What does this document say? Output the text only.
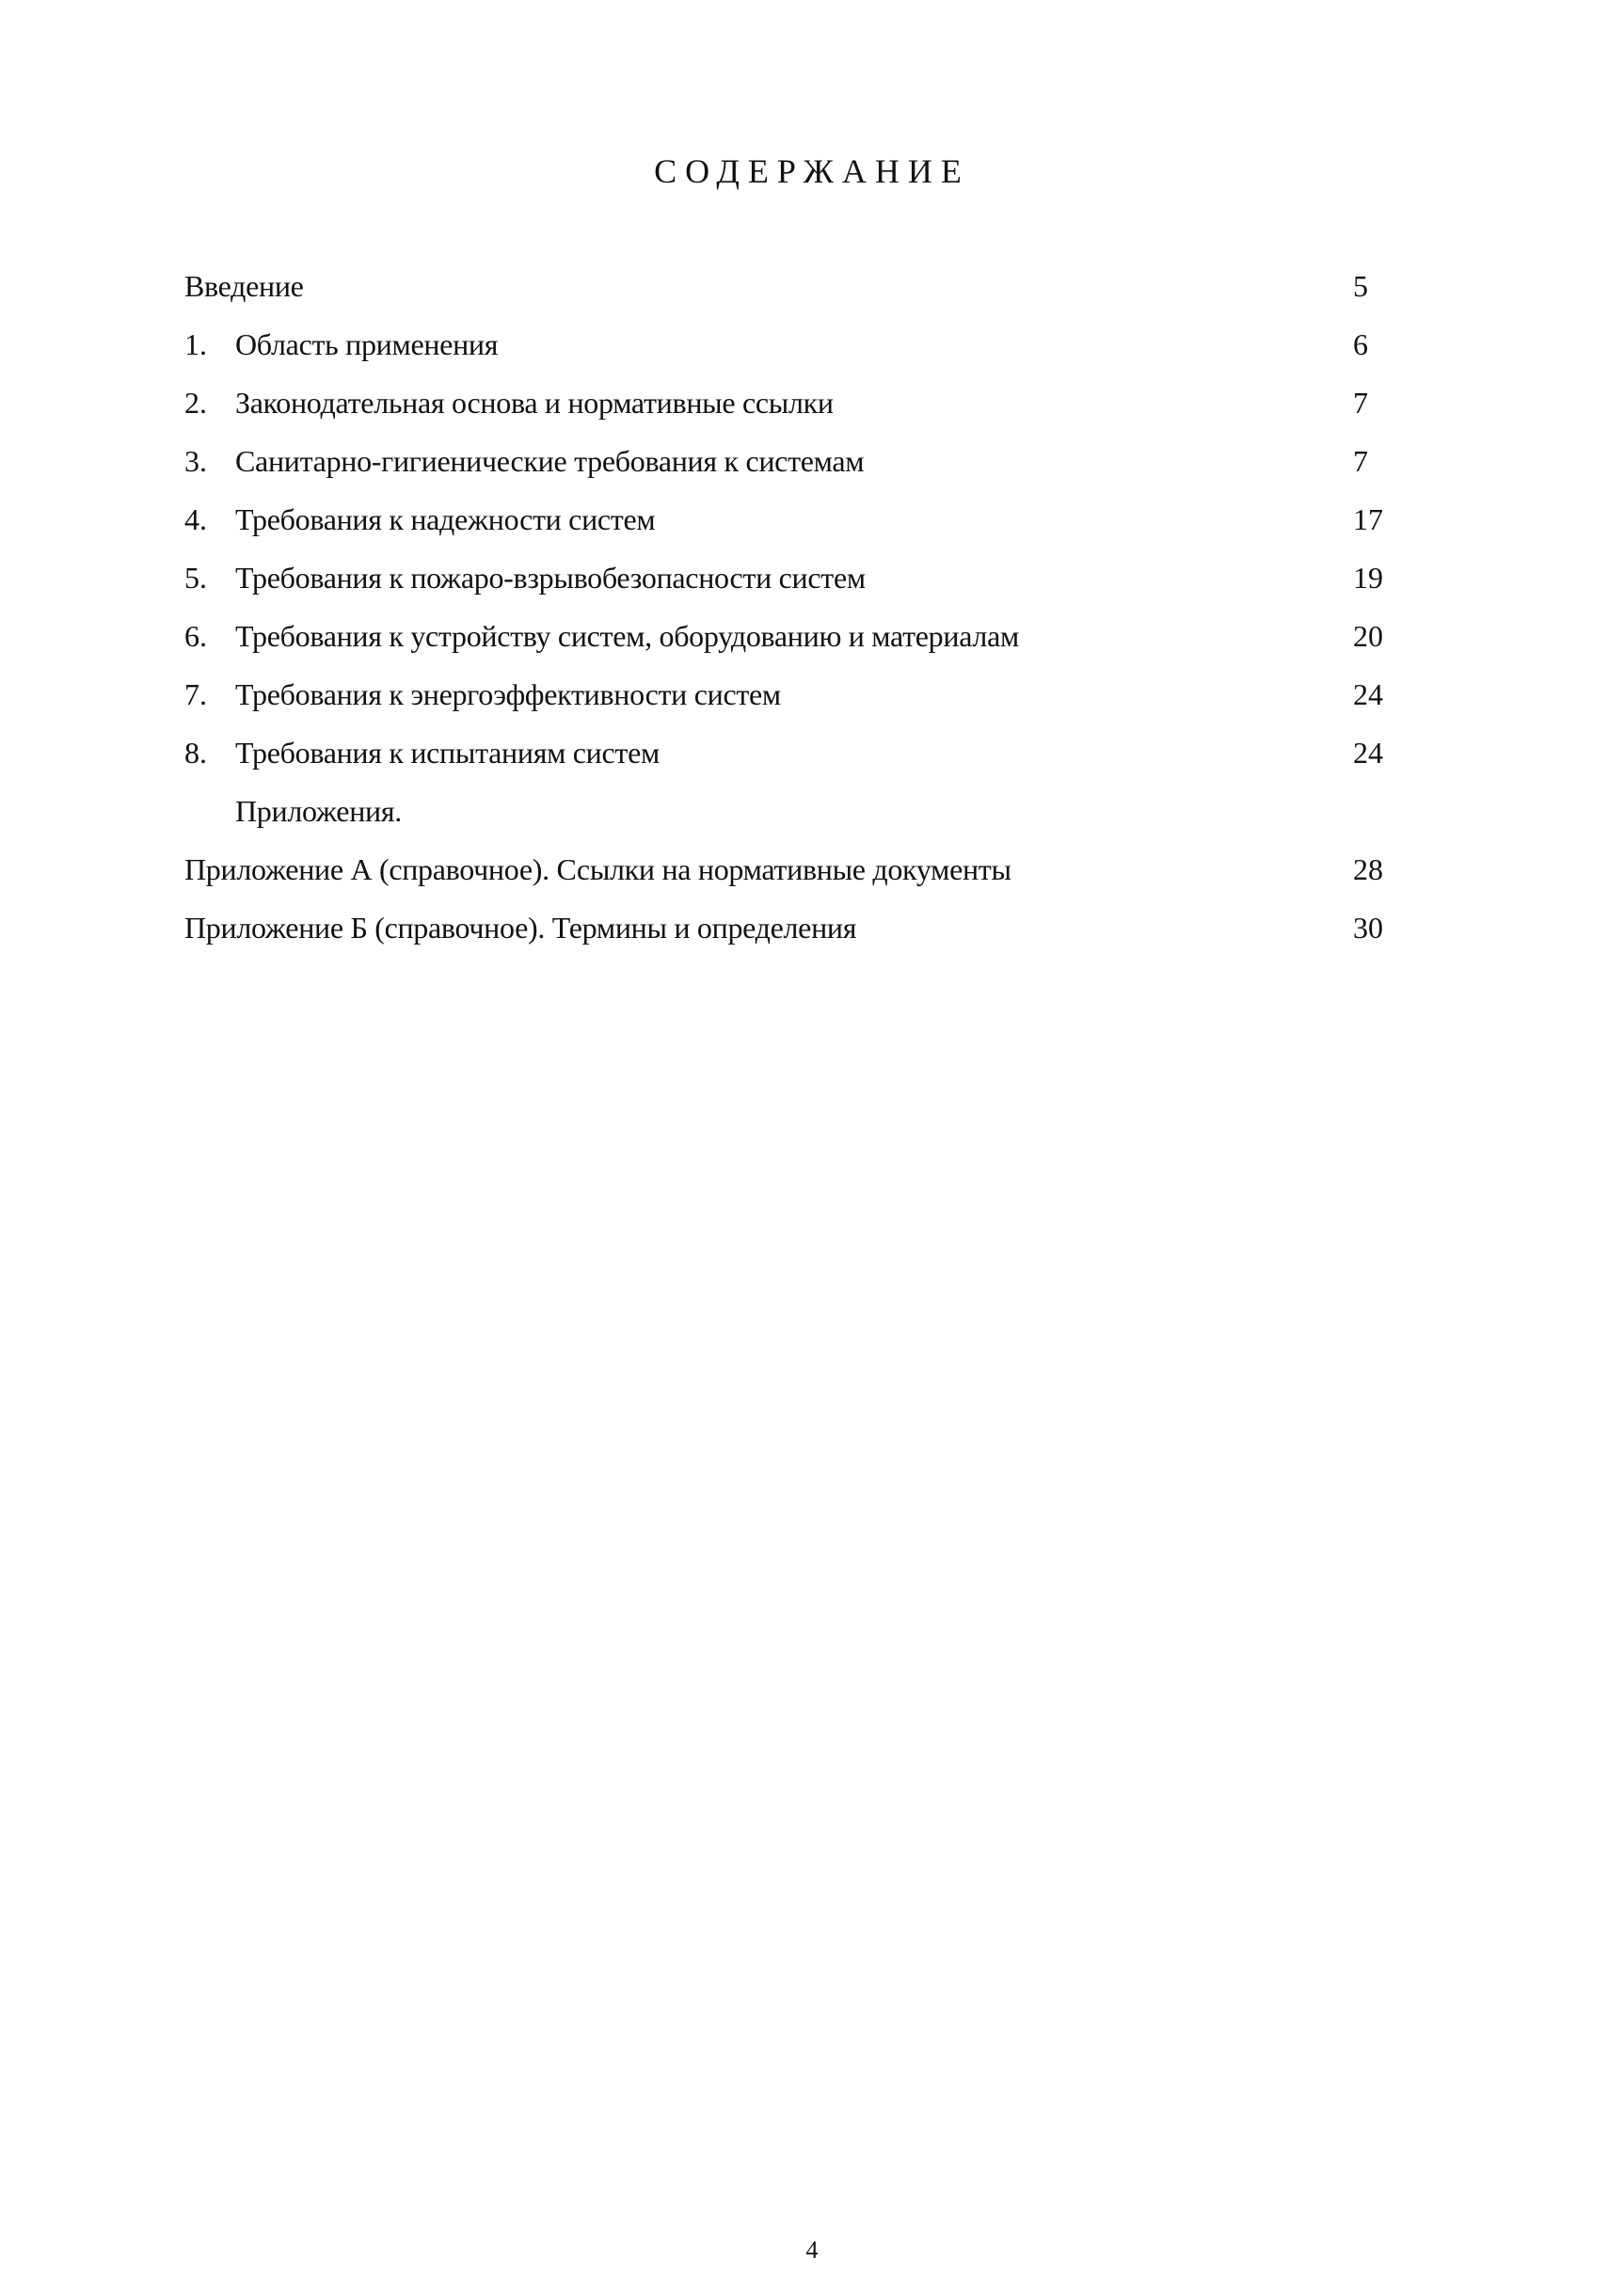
СОДЕРЖАНИЕ
Введение	5
1. Область применения	6
2. Законодательная основа и нормативные ссылки	7
3. Санитарно-гигиенические требования к системам	7
4. Требования к надежности систем	17
5. Требования к пожаро-взрывобезопасности систем	19
6. Требования к устройству систем, оборудованию и материалам	20
7. Требования к энергоэффективности систем	24
8. Требования к испытаниям систем	24
Приложения.
Приложение А (справочное). Ссылки на нормативные документы	28
Приложение Б (справочное). Термины и определения	30
4
